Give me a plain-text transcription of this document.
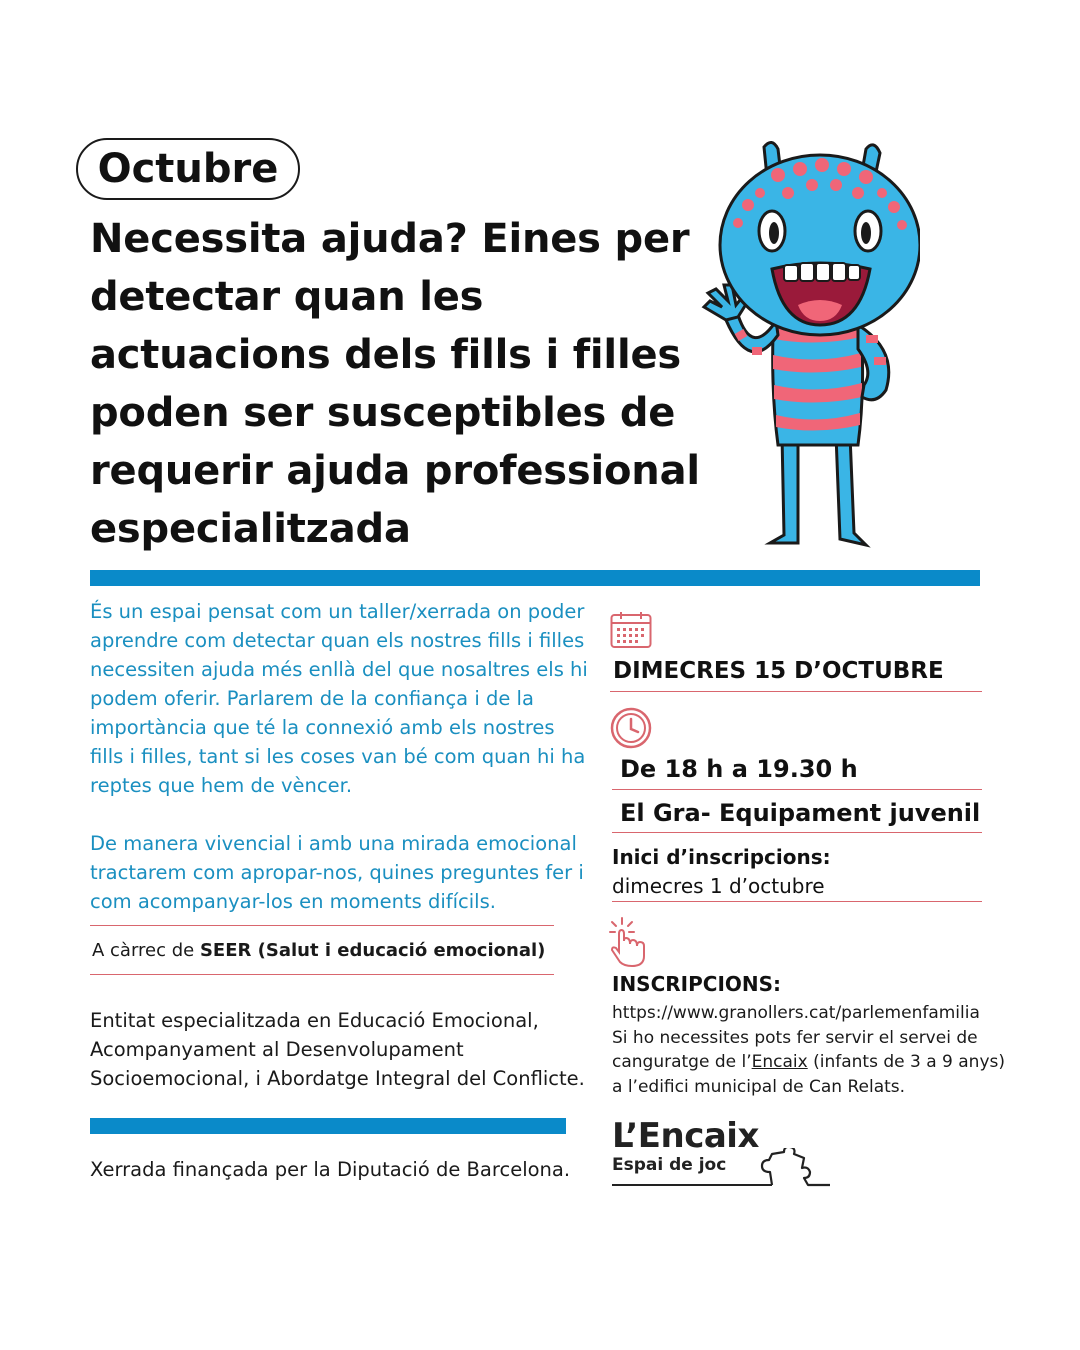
Octubre
Necessita ajuda? Eines per detectar quan les actuacions dels fills i filles poden ser susceptibles de requerir ajuda professional especialitzada

És un espai pensat com un taller/xerrada on poder aprendre com detectar quan els nostres fills i filles necessiten ajuda més enllà del que nosaltres els hi podem oferir. Parlarem de la confiança i de la importància que té la connexió amb els nostres fills i filles, tant si les coses van bé com quan hi ha reptes que hem de vèncer.

De manera vivencial i amb una mirada emocional tractarem com apropar-nos, quines preguntes fer i com acompanyar-los en moments difícils.

A càrrec de SEER (Salut i educació emocional)

Entitat especialitzada en Educació Emocional, Acompanyament al Desenvolupament Socioemocional, i Abordatge Integral del Conflicte.

Xerrada finançada per la Diputació de Barcelona.
DIMECRES 15 D’OCTUBRE
De 18 h a 19.30 h
El Gra- Equipament juvenil
Inici d’inscripcions:
dimecres 1 d’octubre
INSCRIPCIONS:

https://www.granollers.cat/parlemenfamilia
Si ho necessites pots fer servir el servei de canguratge de l’Encaix (infants de 3 a 9 anys) a l’edifici municipal de Can Relats.

L’Encaix
Espai de joc
